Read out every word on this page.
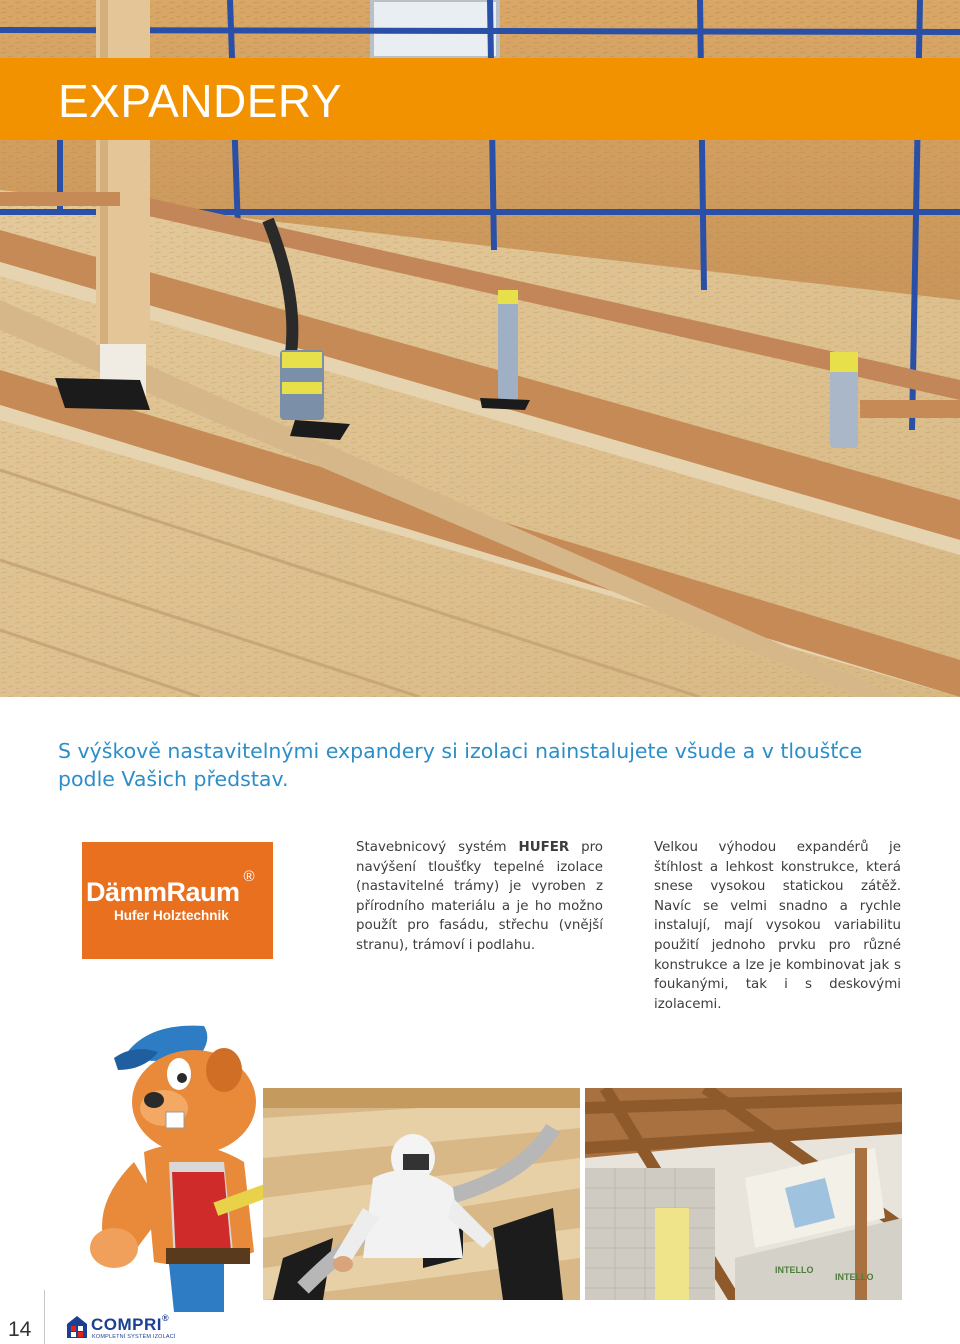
EXPANDERY

S výškově nastavitelnými expandery si izolaci nainstalujete všude a v tloušťce podle Vašich představ.

DämmRaum®
Hufer Holztechnik

Stavebnicový systém HUFER pro navýšení tloušťky tepelné izolace (nastavitelné trámy) je vyroben z přírodního materiálu a je ho možno použít pro fasádu, střechu (vnější stranu), trámoví i podlahu.

Velkou výhodou expandérů je štíhlost a lehkost konstrukce, která snese vysokou statickou zátěž. Navíc se velmi snadno a rychle instalují, mají vysokou variabilitu použití jednoho prvku pro různé konstrukce a lze je kombinovat jak s foukanými, tak i s deskovými izolacemi.

INTELLO
INTELLO
14	COMPRI®
KOMPLETNÍ SYSTÉM IZOLACÍ
